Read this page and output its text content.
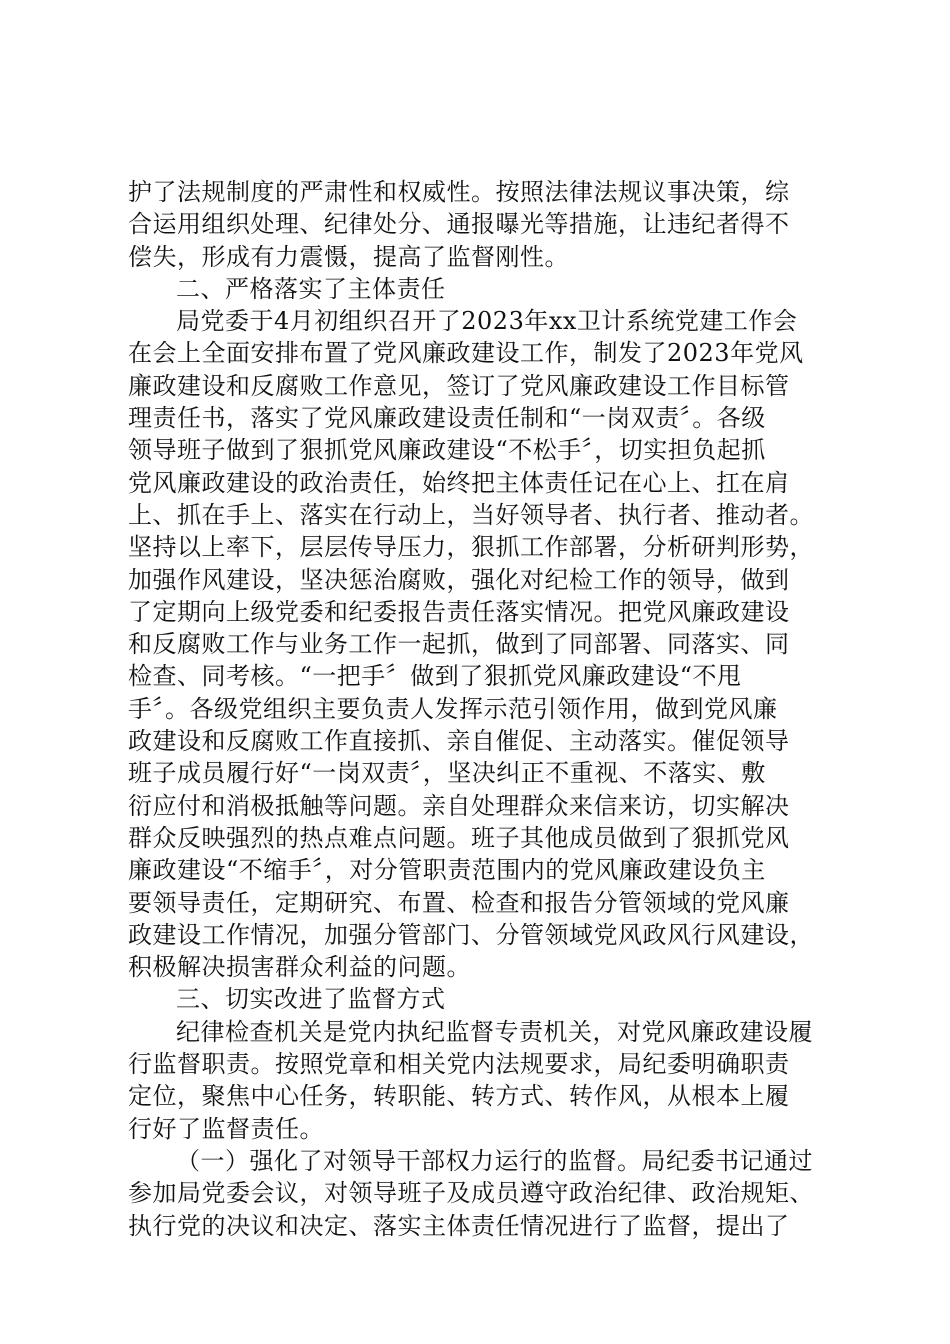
护了法规制度的严肃性和权威性。按照法律法规议事决策，综
合运用组织处理、纪律处分、通报曝光等措施，让违纪者得不
偿失，形成有力震慑，提高了监督刚性。
二、严格落实了主体责任
局党委于4月初组织召开了2023年xx卫计系统党建工作会
在会上全面安排布置了党风廉政建设工作，制发了2023年党风
廉政建设和反腐败工作意见，签订了党风廉政建设工作目标管
理责任书，落实了党风廉政建设责任制和“一岗双责〞。各级
领导班子做到了狠抓党风廉政建设“不松手〞，切实担负起抓
党风廉政建设的政治责任，始终把主体责任记在心上、扛在肩
上、抓在手上、落实在行动上，当好领导者、执行者、推动者。
坚持以上率下，层层传导压力，狠抓工作部署，分析研判形势，
加强作风建设，坚决惩治腐败，强化对纪检工作的领导，做到
了定期向上级党委和纪委报告责任落实情况。把党风廉政建设
和反腐败工作与业务工作一起抓，做到了同部署、同落实、同
检查、同考核。“一把手〞做到了狠抓党风廉政建设“不甩
手〞。各级党组织主要负责人发挥示范引领作用，做到党风廉
政建设和反腐败工作直接抓、亲自催促、主动落实。催促领导
班子成员履行好“一岗双责〞，坚决纠正不重视、不落实、敷
衍应付和消极抵触等问题。亲自处理群众来信来访，切实解决
群众反映强烈的热点难点问题。班子其他成员做到了狠抓党风
廉政建设“不缩手〞，对分管职责范围内的党风廉政建设负主
要领导责任，定期研究、布置、检查和报告分管领域的党风廉
政建设工作情况，加强分管部门、分管领域党风政风行风建设，
积极解决损害群众利益的问题。
三、切实改进了监督方式
纪律检查机关是党内执纪监督专责机关，对党风廉政建设履
行监督职责。按照党章和相关党内法规要求，局纪委明确职责
定位，聚焦中心任务，转职能、转方式、转作风，从根本上履
行好了监督责任。
（一）强化了对领导干部权力运行的监督。局纪委书记通过
参加局党委会议，对领导班子及成员遵守政治纪律、政治规矩、
执行党的决议和决定、落实主体责任情况进行了监督，提出了
